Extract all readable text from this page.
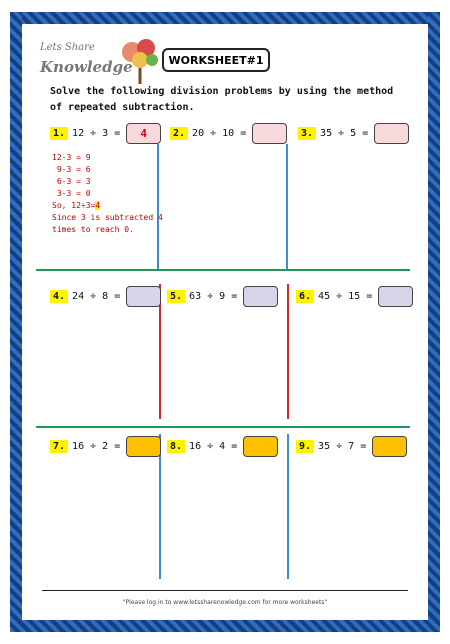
Lets Share
Knowledge	WORKSHEET#1
Solve the following division problems by using the method of repeated subtraction.
1. 12 ÷ 3 =	4	2. 20 ÷ 10 =	3. 35 ÷ 5 =
12-3 = 9
9-3 = 6
6-3 = 3
3-3 = 0
So, 12÷3=4
Since 3 is subtracted 4
times to reach 0.
4. 24 ÷ 8 =	5. 63 ÷ 9 =	6. 45 ÷ 15 =
7. 16 ÷ 2 =	8. 16 ÷ 4 =	9. 35 ÷ 7 =
"Please log in to www.letssharenowledge.com for more worksheets"
